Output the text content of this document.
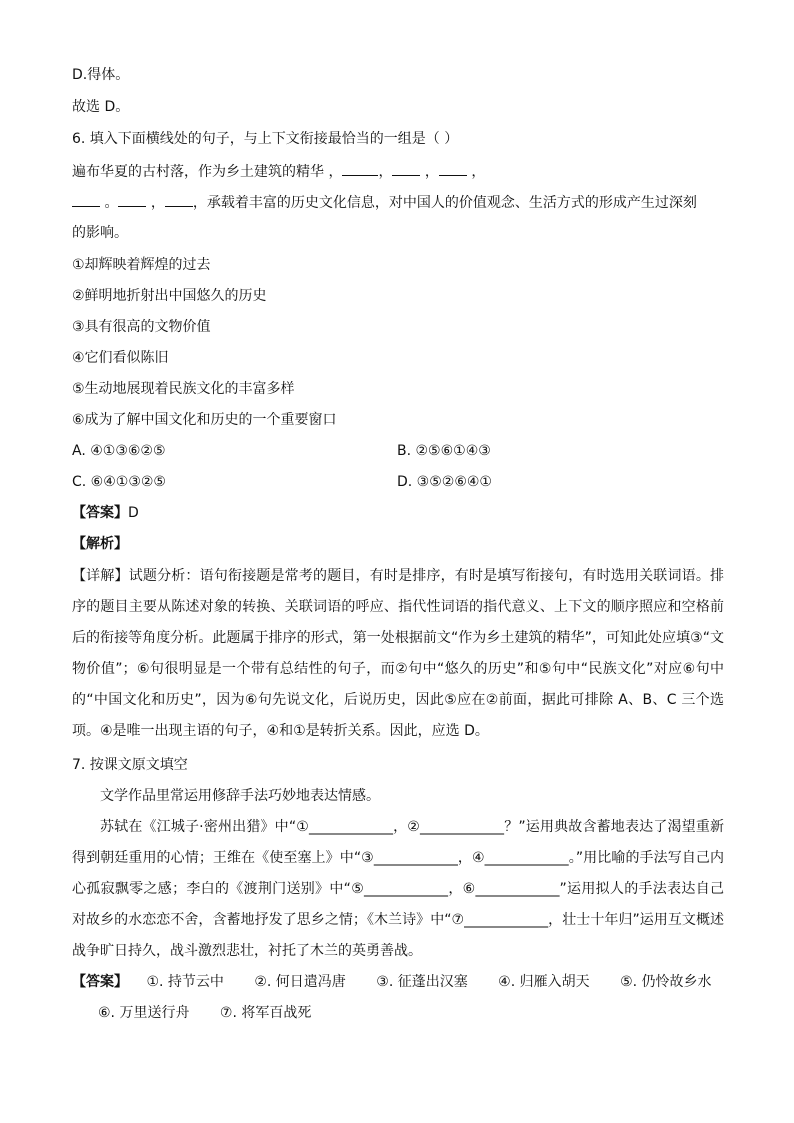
D.得体。
故选 D。
6. 填入下面横线处的句子，与上下文衔接最恰当的一组是（ ）
遍布华夏的古村落，作为乡土建筑的精华 ，	， ， ，
。 ， ，承载着丰富的历史文化信息，对中国人的价值观念、生活方式的形成产生过深刻
的影响。
①却辉映着辉煌的过去
②鲜明地折射出中国悠久的历史
③具有很高的文物价值
④它们看似陈旧
⑤生动地展现着民族文化的丰富多样
⑥成为了解中国文化和历史的一个重要窗口
A. ④①③⑥②⑤	B. ②⑤⑥①④③
C. ⑥④①③②⑤	D. ③⑤②⑥④①
【答案】D
【解析】
【详解】试题分析：语句衔接题是常考的题目，有时是排序，有时是填写衔接句，有时选用关联词语。排序的题目主要从陈述对象的转换、关联词语的呼应、指代性词语的指代意义、上下文的顺序照应和空格前后的衔接等角度分析。此题属于排序的形式，第一处根据前文“作为乡土建筑的精华”，可知此处应填③“文物价值”；⑥句很明显是一个带有总结性的句子，而②句中“悠久的历史”和⑤句中“民族文化”对应⑥句中的“中国文化和历史”，因为⑥句先说文化，后说历史，因此⑤应在②前面，据此可排除 A、B、C 三个选项。④是唯一出现主语的句子，④和①是转折关系。因此，应选 D。
7. 按课文原文填空
文学作品里常运用修辞手法巧妙地表达情感。
苏轼在《江城子·密州出猎》中“①____________，②____________？”运用典故含蓄地表达了渴望重新得到朝廷重用的心情；王维在《使至塞上》中“③____________，④____________。”用比喻的手法写自己内心孤寂飘零之感；李白的《渡荆门送别》中“⑤____________，⑥____________”运用拟人的手法表达自己对故乡的水恋恋不舍，含蓄地抒发了思乡之情；《木兰诗》中“⑦____________，壮士十年归”运用互文概述战争旷日持久，战斗激烈悲壮，衬托了木兰的英勇善战。
【答案】 ①. 持节云中 ②. 何日遣冯唐 ③. 征蓬出汉塞 ④. 归雁入胡天 ⑤. 仍怜故乡水 ⑥. 万里送行舟 ⑦. 将军百战死
